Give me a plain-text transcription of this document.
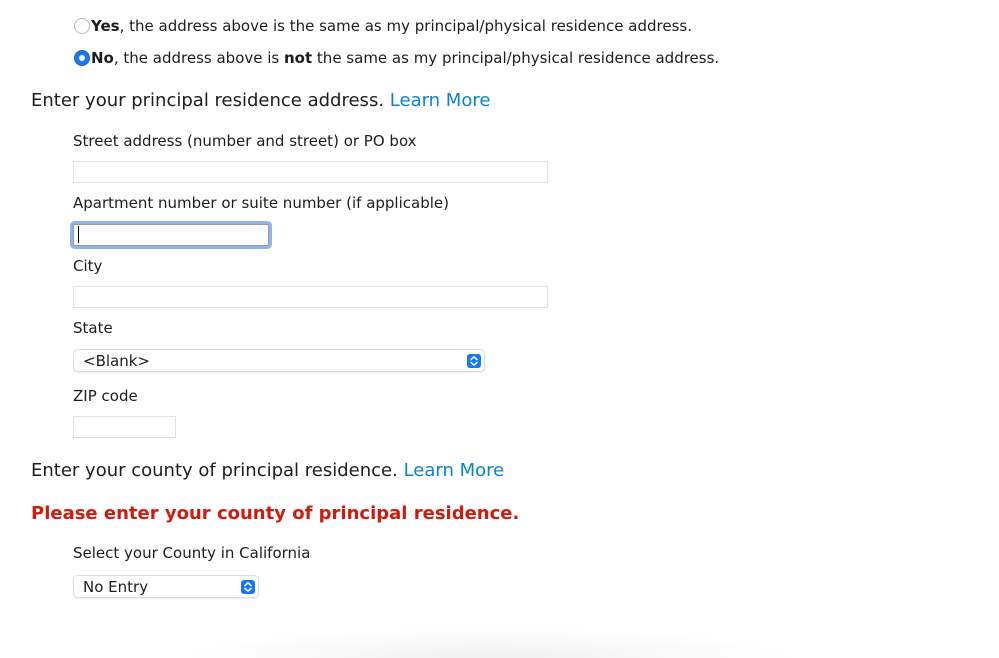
Yes, the address above is the same as my principal/physical residence address.
No, the address above is not the same as my principal/physical residence address.
Enter your principal residence address. Learn More
Street address (number and street) or PO box
Apartment number or suite number (if applicable)
City
State
<Blank>
ZIP code
Enter your county of principal residence. Learn More
Please enter your county of principal residence.
Select your County in California
No Entry
